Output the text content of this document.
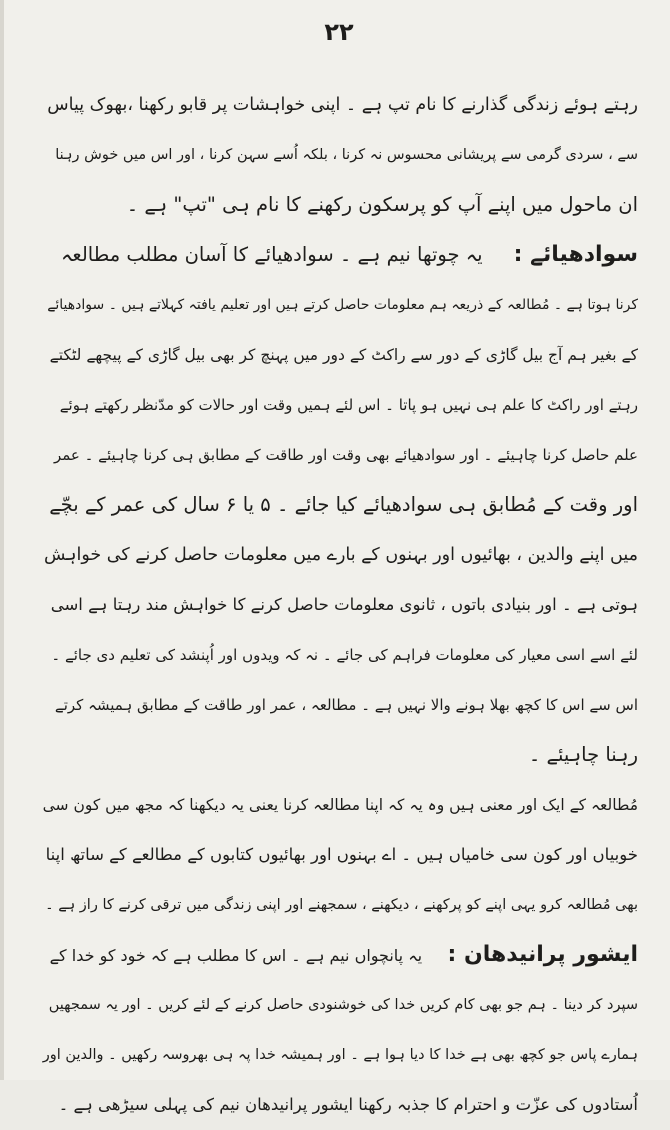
۲۲
رہتے ہوئے زندگی گذارنے کا نام تپ ہے ۔ اپنی خواہشات پر قابو رکھنا ،بھوک پیاس
سے ، سردی گرمی سے پریشانی محسوس نہ کرنا ، بلکہ اُسے سہن کرنا ، اور اس میں خوش رہنا
ان ماحول میں اپنے آپ کو پرسکون رکھنے کا نام ہی "تپ" ہے ۔
سوادھیائے :     یہ چوتھا نیم ہے ۔ سوادھیائے کا آسان مطلب مطالعہ
کرنا ہوتا ہے ۔ مُطالعہ کے ذریعہ ہم معلومات حاصل کرتے ہیں اور تعلیم یافتہ کہلاتے ہیں ۔ سوادھیائے
کے بغیر ہم آج بیل گاڑی کے دور سے راکٹ کے دور میں پہنچ کر بھی بیل گاڑی کے پیچھے لٹکتے
رہتے اور راکٹ کا علم ہی نہیں ہو پاتا ۔ اس لئے ہمیں وقت اور حالات کو مدّنظر رکھتے ہوئے
علم حاصل کرنا چاہیئے ۔ اور سوادھیائے بھی وقت اور طاقت کے مطابق ہی کرنا چاہیئے ۔ عمر
اور وقت کے مُطابق ہی سوادھیائے کیا جائے ۔ ۵ یا ۶ سال کی عمر کے بچّے
میں اپنے والدین ، بھائیوں اور بہنوں کے بارے میں معلومات حاصل کرنے کی خواہش
ہوتی ہے ۔ اور بنیادی باتوں ، ثانوی معلومات حاصل کرنے کا خواہش مند رہتا ہے اسی
لئے اسے اسی معیار کی معلومات فراہم کی جائے ۔ نہ کہ ویدوں اور اُپنشد کی تعلیم دی جائے ۔
اس سے اس کا کچھ بھلا ہونے والا نہیں ہے ۔ مطالعہ ، عمر اور طاقت کے مطابق ہمیشہ کرتے
رہنا چاہیئے ۔
مُطالعہ کے ایک اور معنی ہیں وہ یہ کہ اپنا مطالعہ کرنا یعنی یہ دیکھنا کہ مجھ میں کون سی
خوبیاں اور کون سی خامیاں ہیں ۔ اے بہنوں اور بھائیوں کتابوں کے مطالعے کے ساتھ اپنا
بھی مُطالعہ کرو یہی اپنے کو پرکھنے ، دیکھنے ، سمجھنے اور اپنی زندگی میں ترقی کرنے کا راز ہے ۔
ایشور پرانیدھان :     یہ پانچواں نیم ہے ۔ اس کا مطلب ہے کہ خود کو خدا کے
سپرد کر دینا ۔ ہم جو بھی کام کریں خدا کی خوشنودی حاصل کرنے کے لئے کریں ۔ اور یہ سمجھیں
ہمارے پاس جو کچھ بھی ہے خدا کا دیا ہوا ہے ۔ اور ہمیشہ خدا پہ ہی بھروسہ رکھیں ۔ والدین اور
اُستادوں کی عزّت و احترام کا جذبہ رکھنا ایشور پرانیدھان نیم کی پہلی سیڑھی ہے ۔
